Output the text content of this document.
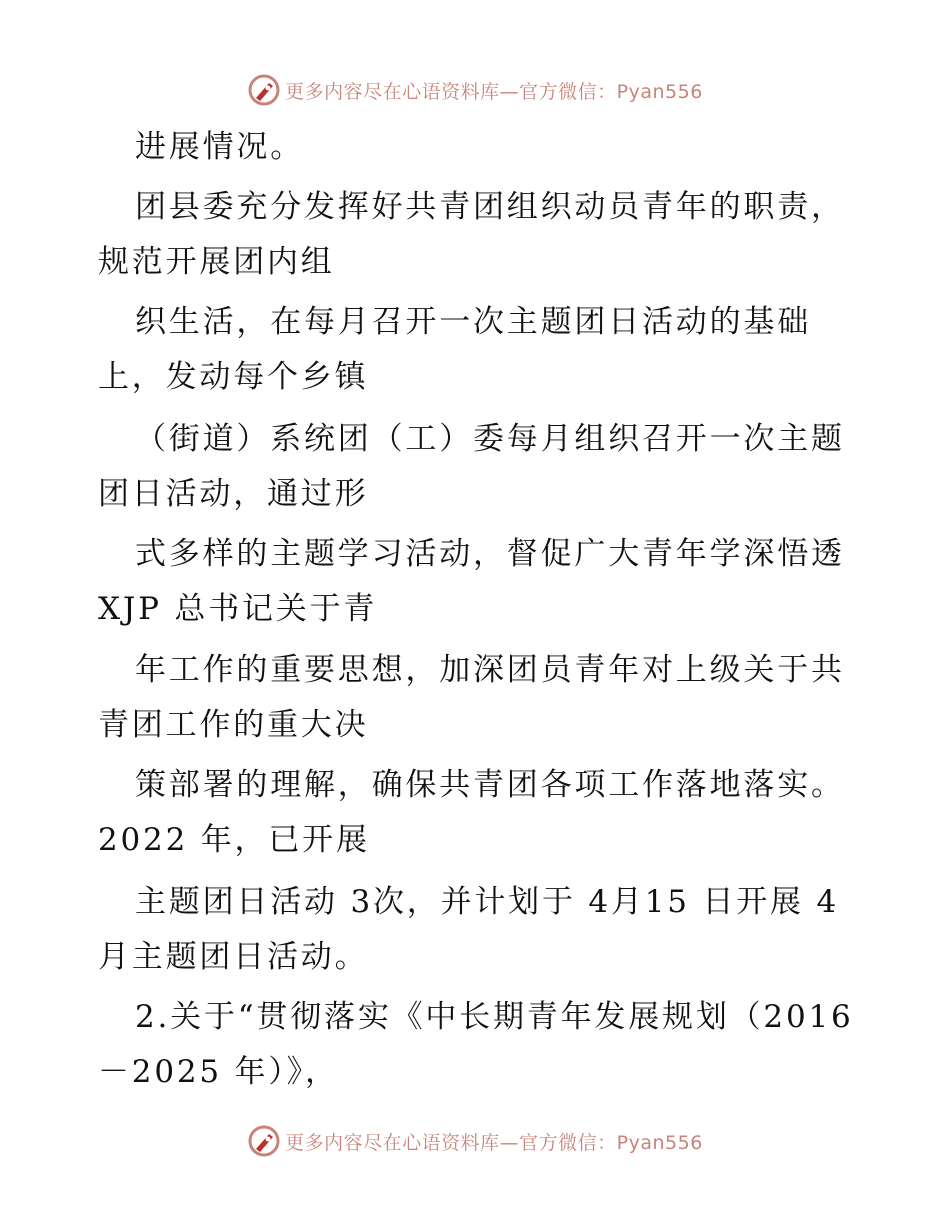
更多内容尽在心语资料库—官方微信：Pyan556
进展情况。
团县委充分发挥好共青团组织动员青年的职责，
规范开展团内组
织生活，在每月召开一次主题团日活动的基础
上，发动每个乡镇
（街道）系统团（工）委每月组织召开一次主题
团日活动，通过形
式多样的主题学习活动，督促广大青年学深悟透
XJP 总书记关于青
年工作的重要思想，加深团员青年对上级关于共
青团工作的重大决
策部署的理解，确保共青团各项工作落地落实。
2022 年，已开展
主题团日活动 3次，并计划于 4月15 日开展 4
月主题团日活动。
2.关于“贯彻落实《中长期青年发展规划（2016
－2025 年）》，
更多内容尽在心语资料库—官方微信：Pyan556
